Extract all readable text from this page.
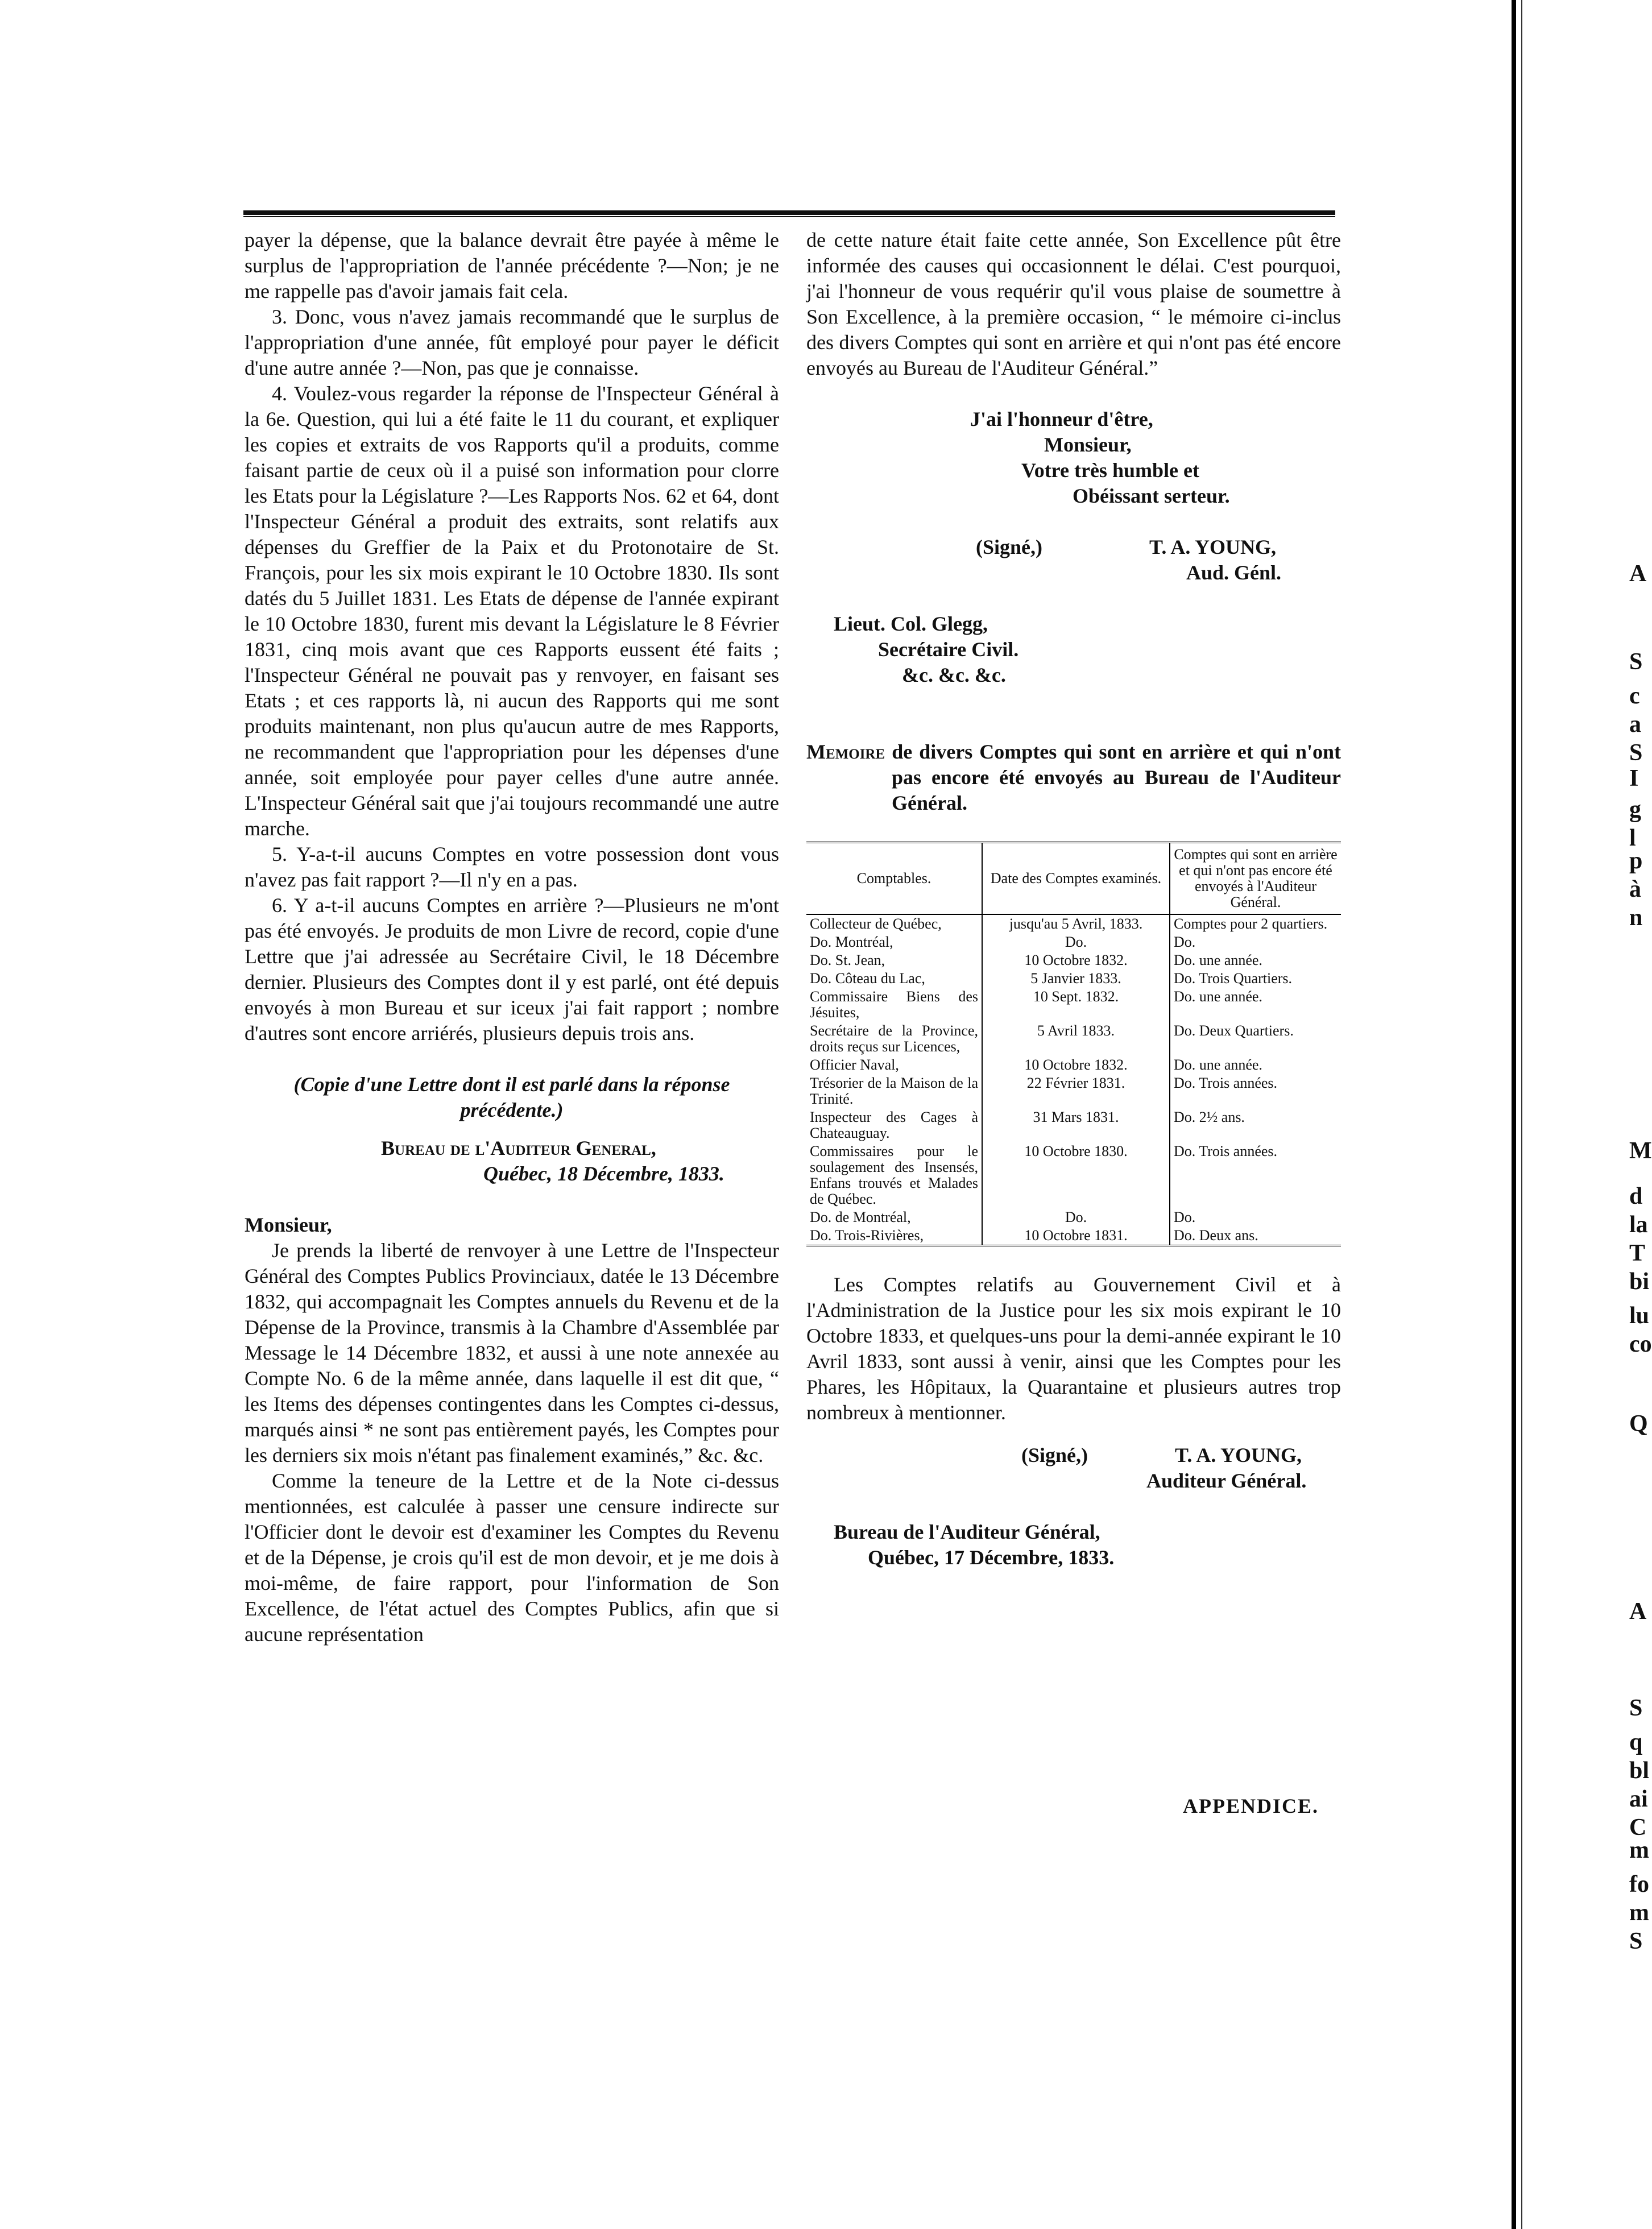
A
S
c
a
S
I
g
l
p
à
n
M
d
la
T
bi
lu
co
Q
A
S
q
bl
ai
C
m
fo
m
S

payer la dépense, que la balance devrait être payée à même le surplus de l'appropriation de l'année précédente ?—Non; je ne me rappelle pas d'avoir jamais fait cela.

3. Donc, vous n'avez jamais recommandé que le surplus de l'appropriation d'une année, fût employé pour payer le déficit d'une autre année ?—Non, pas que je connaisse.

4. Voulez-vous regarder la réponse de l'Inspecteur Général à la 6e. Question, qui lui a été faite le 11 du courant, et expliquer les copies et extraits de vos Rapports qu'il a produits, comme faisant partie de ceux où il a puisé son information pour clorre les Etats pour la Législature ?—Les Rapports Nos. 62 et 64, dont l'Inspecteur Général a produit des extraits, sont relatifs aux dépenses du Greffier de la Paix et du Protonotaire de St. François, pour les six mois expirant le 10 Octobre 1830. Ils sont datés du 5 Juillet 1831. Les Etats de dépense de l'année expirant le 10 Octobre 1830, furent mis devant la Législature le 8 Février 1831, cinq mois avant que ces Rapports eussent été faits ; l'Inspecteur Général ne pouvait pas y renvoyer, en faisant ses Etats ; et ces rapports là, ni aucun des Rapports qui me sont produits maintenant, non plus qu'aucun autre de mes Rapports, ne recommandent que l'appropriation pour les dépenses d'une année, soit employée pour payer celles d'une autre année. L'Inspecteur Général sait que j'ai toujours recommandé une autre marche.

5. Y-a-t-il aucuns Comptes en votre possession dont vous n'avez pas fait rapport ?—Il n'y en a pas.

6. Y a-t-il aucuns Comptes en arrière ?—Plusieurs ne m'ont pas été envoyés. Je produits de mon Livre de record, copie d'une Lettre que j'ai adressée au Secrétaire Civil, le 18 Décembre dernier. Plusieurs des Comptes dont il y est parlé, ont été depuis envoyés à mon Bureau et sur iceux j'ai fait rapport ; nombre d'autres sont encore arriérés, plusieurs depuis trois ans.

(Copie d'une Lettre dont il est parlé dans la réponse précédente.)

Bureau de l'Auditeur General,

Québec, 18 Décembre, 1833.

Monsieur,

Je prends la liberté de renvoyer à une Lettre de l'Inspecteur Général des Comptes Publics Provinciaux, datée le 13 Décembre 1832, qui accompagnait les Comptes annuels du Revenu et de la Dépense de la Province, transmis à la Chambre d'Assemblée par Message le 14 Décembre 1832, et aussi à une note annexée au Compte No. 6 de la même année, dans laquelle il est dit que, “ les Items des dépenses contingentes dans les Comptes ci-dessus, marqués ainsi * ne sont pas entièrement payés, les Comptes pour les derniers six mois n'étant pas finalement examinés,” &c. &c.

Comme la teneure de la Lettre et de la Note ci-dessus mentionnées, est calculée à passer une censure indirecte sur l'Officier dont le devoir est d'examiner les Comptes du Revenu et de la Dépense, je crois qu'il est de mon devoir, et je me dois à moi-même, de faire rapport, pour l'information de Son Excellence, de l'état actuel des Comptes Publics, afin que si aucune représentation

de cette nature était faite cette année, Son Excellence pût être informée des causes qui occasionnent le délai. C'est pourquoi, j'ai l'honneur de vous requérir qu'il vous plaise de soumettre à Son Excellence, à la première occasion, “ le mémoire ci-inclus des divers Comptes qui sont en arrière et qui n'ont pas été encore envoyés au Bureau de l'Auditeur Général.”

J'ai l'honneur d'être,

Monsieur,

Votre très humble et

Obéissant serteur.

(Signé,)	T. A. YOUNG,

Aud. Génl.

Lieut. Col. Glegg,

Secrétaire Civil.

&c. &c. &c.

Memoire de divers Comptes qui sont en arrière et qui n'ont pas encore été envoyés au Bureau de l'Auditeur Général.

Comptables.	Date des Comptes examinés.	Comptes qui sont en arrière et qui n'ont pas encore été envoyés à l'Auditeur Général.
Collecteur de Québec,	jusqu'au 5 Avril, 1833.	Comptes pour 2 quartiers.
Do. Montréal,	Do.	Do.
Do. St. Jean,	10 Octobre 1832.	Do. une année.
Do. Côteau du Lac,	5 Janvier 1833.	Do. Trois Quartiers.
Commissaire Biens des Jésuites,	10 Sept. 1832.	Do. une année.
Secrétaire de la Province, droits reçus sur Licences,	5 Avril 1833.	Do. Deux Quartiers.
Officier Naval,	10 Octobre 1832.	Do. une année.
Trésorier de la Maison de la Trinité.	22 Février 1831.	Do. Trois années.
Inspecteur des Cages à Chateauguay.	31 Mars 1831.	Do. 2½ ans.
Commissaires pour le soulagement des Insensés, Enfans trouvés et Malades de Québec.	10 Octobre 1830.	Do. Trois années.
Do. de Montréal,	Do.	Do.
Do. Trois-Rivières,	10 Octobre 1831.	Do. Deux ans.

Les Comptes relatifs au Gouvernement Civil et à l'Administration de la Justice pour les six mois expirant le 10 Octobre 1833, et quelques-uns pour la demi-année expirant le 10 Avril 1833, sont aussi à venir, ainsi que les Comptes pour les Phares, les Hôpitaux, la Quarantaine et plusieurs autres trop nombreux à mentionner.

(Signé,)	T. A. YOUNG,

Auditeur Général.

Bureau de l'Auditeur Général,

Québec, 17 Décembre, 1833.

APPENDICE.
